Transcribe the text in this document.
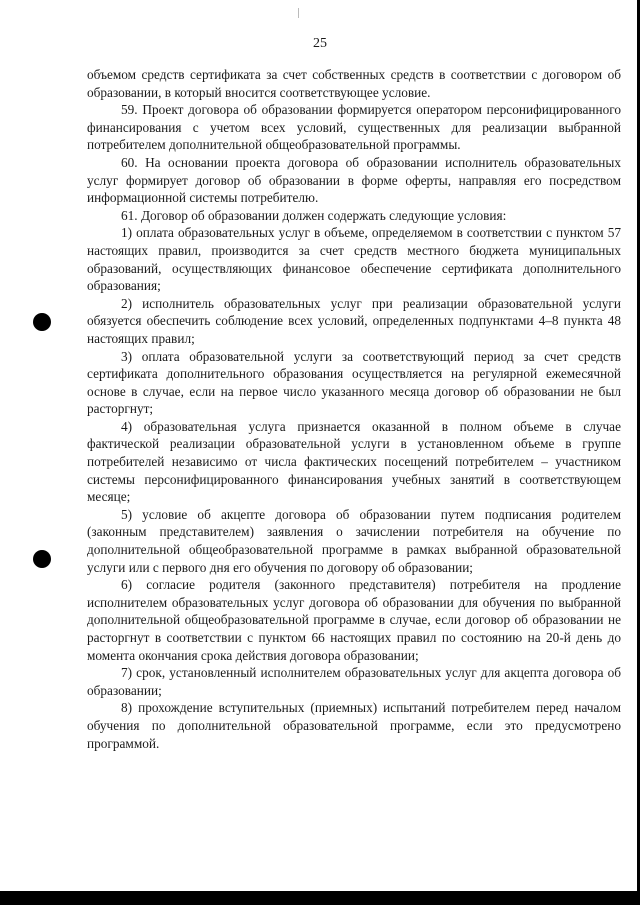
25

объемом средств сертификата за счет собственных средств в соответствии с договором об образовании, в который вносится соответствующее условие.

59. Проект договора об образовании формируется оператором персонифицированного финансирования с учетом всех условий, существенных для реализации выбранной потребителем дополнительной общеобразовательной программы.

60. На основании проекта договора об образовании исполнитель образовательных услуг формирует договор об образовании в форме оферты, направляя его посредством информационной системы потребителю.

61. Договор об образовании должен содержать следующие условия:

1) оплата образовательных услуг в объеме, определяемом в соответствии с пунктом 57 настоящих правил, производится за счет средств местного бюджета муниципальных образований, осуществляющих финансовое обеспечение сертификата дополнительного образования;

2) исполнитель образовательных услуг при реализации образовательной услуги обязуется обеспечить соблюдение всех условий, определенных подпунктами 4–8 пункта 48 настоящих правил;

3) оплата образовательной услуги за соответствующий период за счет средств сертификата дополнительного образования осуществляется на регулярной ежемесячной основе в случае, если на первое число указанного месяца договор об образовании не был расторгнут;

4) образовательная услуга признается оказанной в полном объеме в случае фактической реализации образовательной услуги в установленном объеме в группе потребителей независимо от числа фактических посещений потребителем – участником системы персонифицированного финансирования учебных занятий в соответствующем месяце;

5) условие об акцепте договора об образовании путем подписания родителем (законным представителем) заявления о зачислении потребителя на обучение по дополнительной общеобразовательной программе в рамках выбранной образовательной услуги или с первого дня его обучения по договору об образовании;

6) согласие родителя (законного представителя) потребителя на продление исполнителем образовательных услуг договора об образовании для обучения по выбранной дополнительной общеобразовательной программе в случае, если договор об образовании не расторгнут в соответствии с пунктом 66 настоящих правил по состоянию на 20-й день до момента окончания срока действия договора образовании;

7) срок, установленный исполнителем образовательных услуг для акцепта договора об образовании;

8) прохождение вступительных (приемных) испытаний потребителем перед началом обучения по дополнительной образовательной программе, если это предусмотрено программой.
